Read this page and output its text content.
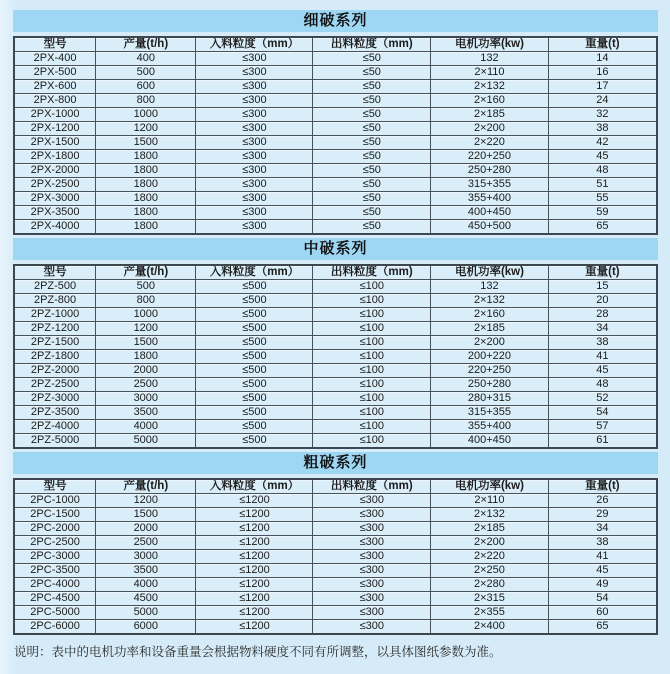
细破系列
型号	产量(t/h)	入料粒度（mm）	出料粒度（mm)	电机功率(kw)	重量(t)
2PX-400	400	≤300	≤50	132	14
2PX-500	500	≤300	≤50	2×110	16
2PX-600	600	≤300	≤50	2×132	17
2PX-800	800	≤300	≤50	2×160	24
2PX-1000	1000	≤300	≤50	2×185	32
2PX-1200	1200	≤300	≤50	2×200	38
2PX-1500	1500	≤300	≤50	2×220	42
2PX-1800	1800	≤300	≤50	220+250	45
2PX-2000	1800	≤300	≤50	250+280	48
2PX-2500	1800	≤300	≤50	315+355	51
2PX-3000	1800	≤300	≤50	355+400	55
2PX-3500	1800	≤300	≤50	400+450	59
2PX-4000	1800	≤300	≤50	450+500	65
中破系列
型号	产量(t/h)	入料粒度（mm）	出料粒度（mm)	电机功率(kw)	重量(t)
2PZ-500	500	≤500	≤100	132	15
2PZ-800	800	≤500	≤100	2×132	20
2PZ-1000	1000	≤500	≤100	2×160	28
2PZ-1200	1200	≤500	≤100	2×185	34
2PZ-1500	1500	≤500	≤100	2×200	38
2PZ-1800	1800	≤500	≤100	200+220	41
2PZ-2000	2000	≤500	≤100	220+250	45
2PZ-2500	2500	≤500	≤100	250+280	48
2PZ-3000	3000	≤500	≤100	280+315	52
2PZ-3500	3500	≤500	≤100	315+355	54
2PZ-4000	4000	≤500	≤100	355+400	57
2PZ-5000	5000	≤500	≤100	400+450	61
粗破系列
型号	产量(t/h)	入料粒度（mm）	出料粒度（mm)	电机功率(kw)	重量(t)
2PC-1000	1200	≤1200	≤300	2×110	26
2PC-1500	1500	≤1200	≤300	2×132	29
2PC-2000	2000	≤1200	≤300	2×185	34
2PC-2500	2500	≤1200	≤300	2×200	38
2PC-3000	3000	≤1200	≤300	2×220	41
2PC-3500	3500	≤1200	≤300	2×250	45
2PC-4000	4000	≤1200	≤300	2×280	49
2PC-4500	4500	≤1200	≤300	2×315	54
2PC-5000	5000	≤1200	≤300	2×355	60
2PC-6000	6000	≤1200	≤300	2×400	65
说明：表中的电机功率和设备重量会根据物料硬度不同有所调整，以具体图纸参数为准。
